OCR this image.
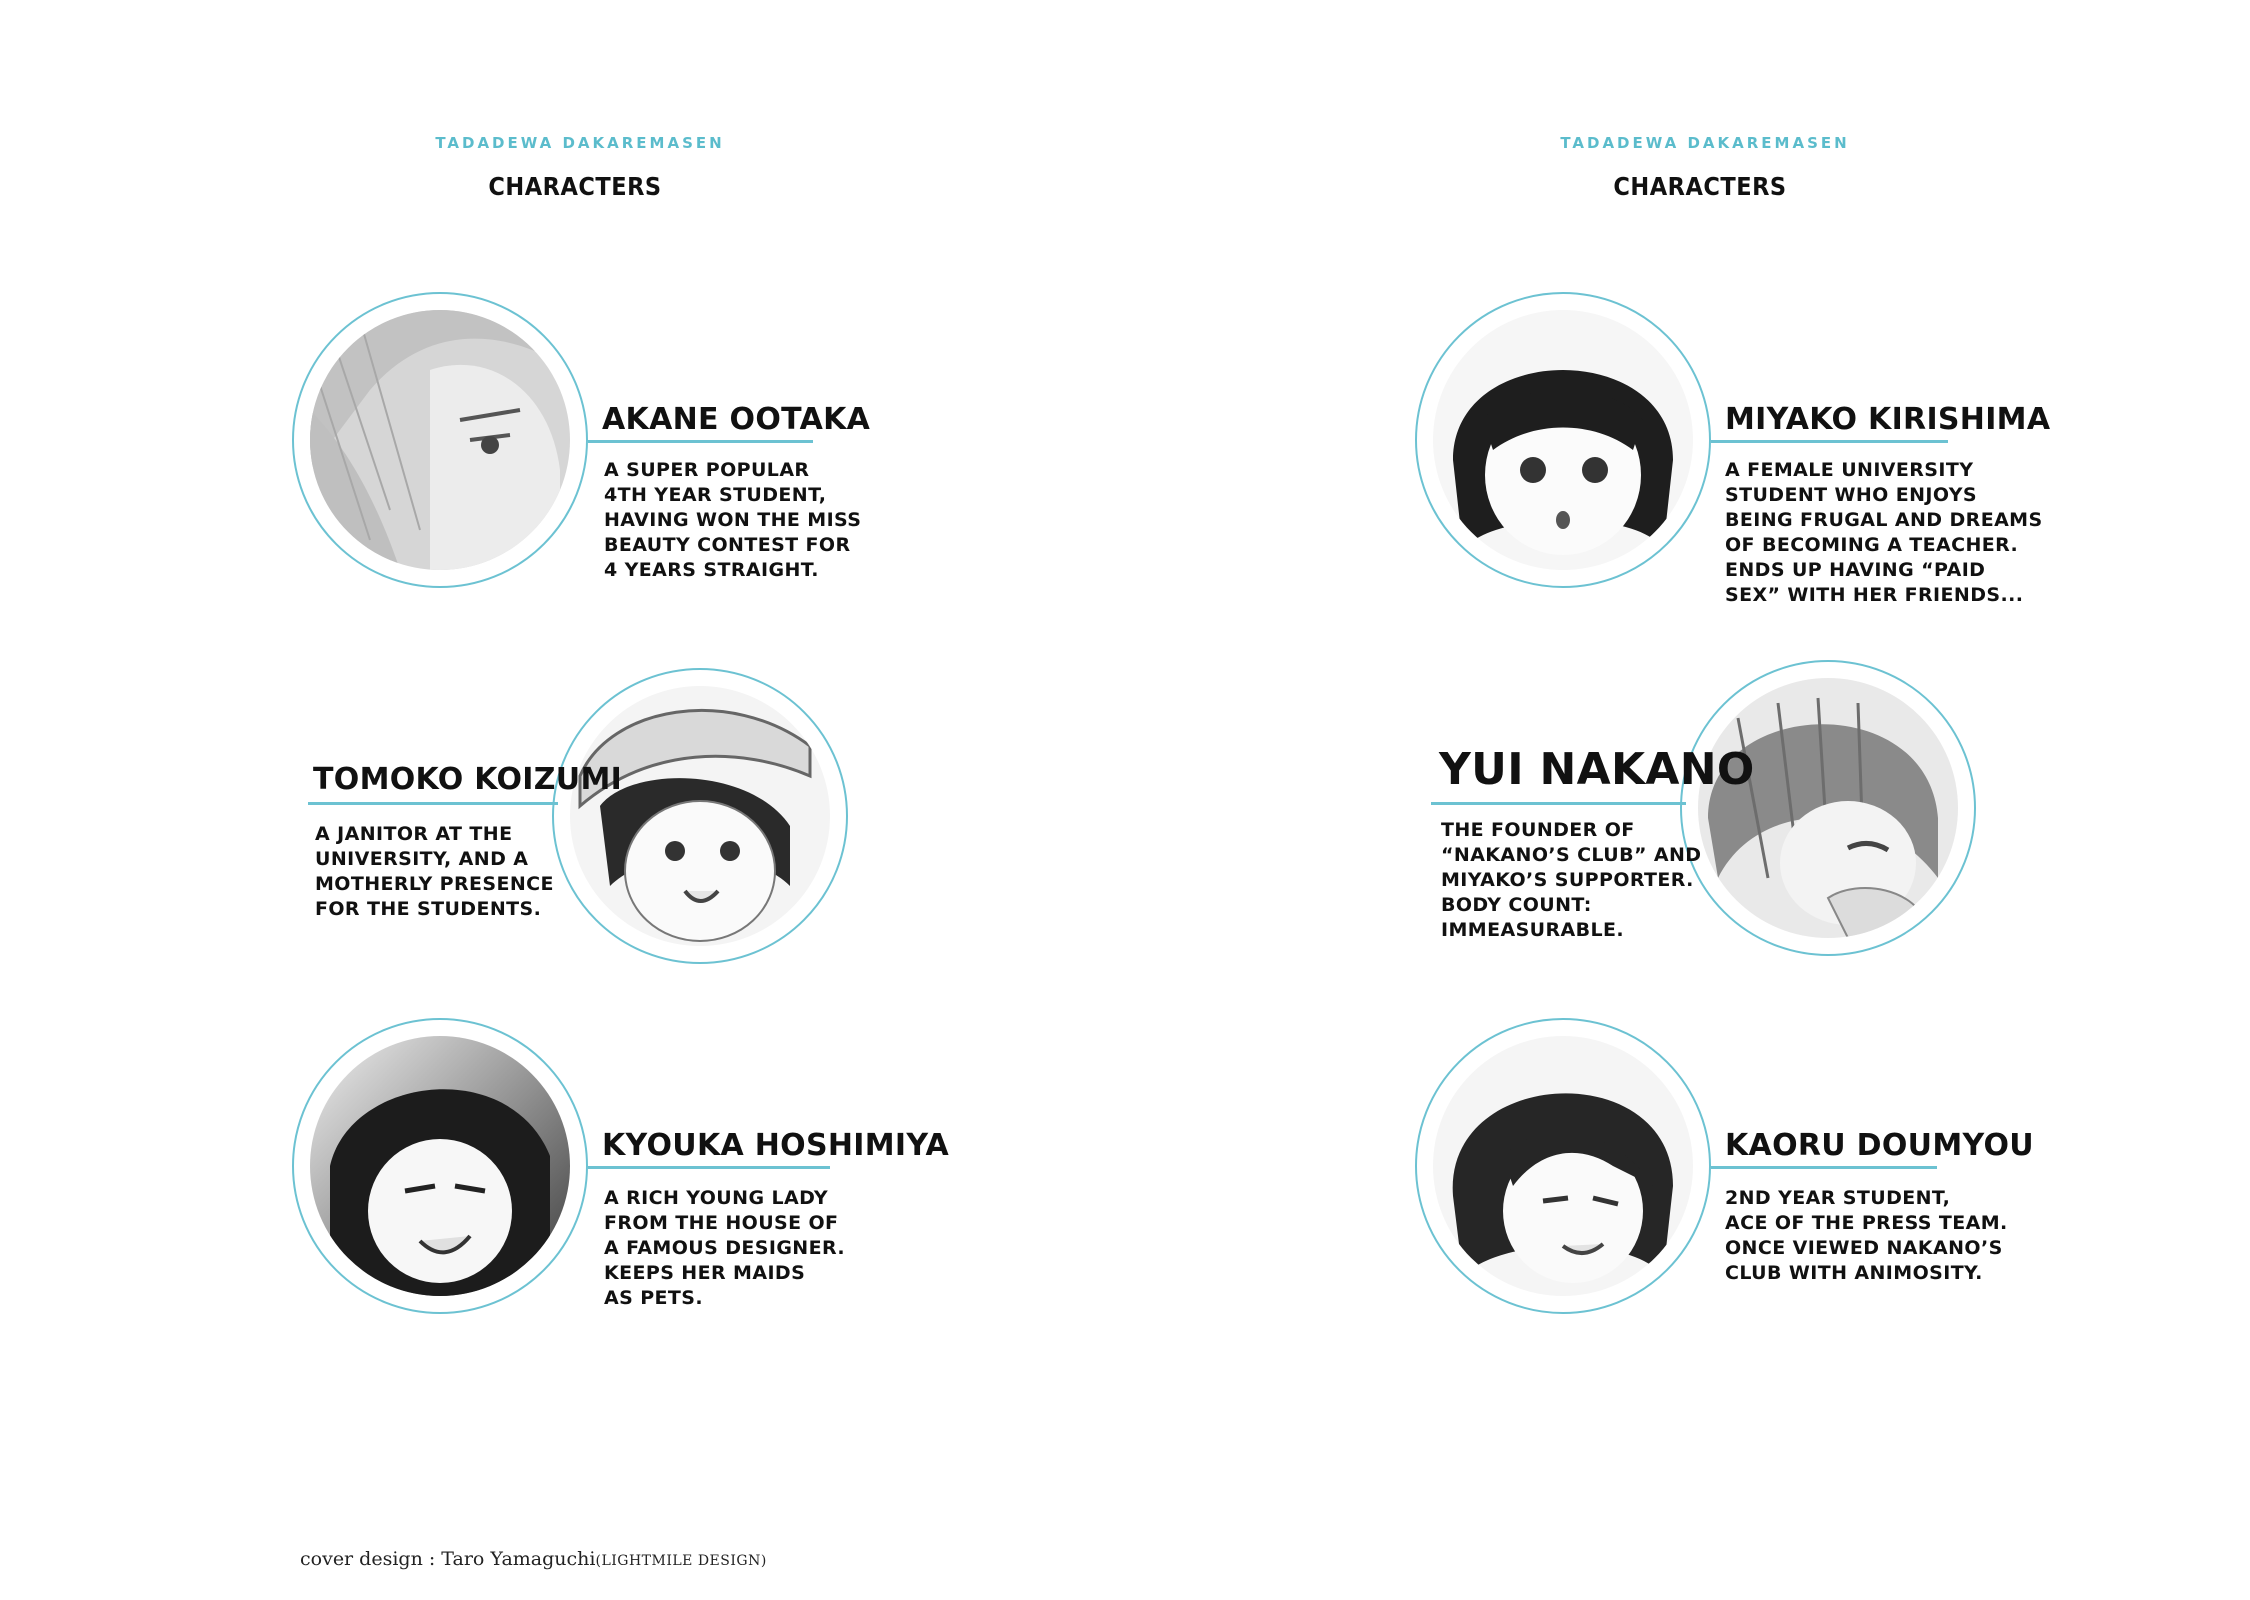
TADADEWA DAKAREMASEN
CHARACTERS
AKANE OOTAKA
A SUPER POPULAR
4TH YEAR STUDENT,
HAVING WON THE MISS
BEAUTY CONTEST FOR
4 YEARS STRAIGHT.
TOMOKO KOIZUMI
A JANITOR AT THE
UNIVERSITY, AND A
MOTHERLY PRESENCE
FOR THE STUDENTS.
KYOUKA HOSHIMIYA
A RICH YOUNG LADY
FROM THE HOUSE OF
A FAMOUS DESIGNER.
KEEPS HER MAIDS
AS PETS.
cover design : Taro Yamaguchi(LIGHTMILE DESIGN)
TADADEWA DAKAREMASEN
CHARACTERS
MIYAKO KIRISHIMA
A FEMALE UNIVERSITY
STUDENT WHO ENJOYS
BEING FRUGAL AND DREAMS
OF BECOMING A TEACHER.
ENDS UP HAVING “PAID
SEX” WITH HER FRIENDS...
YUI NAKANO
THE FOUNDER OF
“NAKANO’S CLUB” AND
MIYAKO’S SUPPORTER.
BODY COUNT:
IMMEASURABLE.
KAORU DOUMYOU
2ND YEAR STUDENT,
ACE OF THE PRESS TEAM.
ONCE VIEWED NAKANO’S
CLUB WITH ANIMOSITY.
